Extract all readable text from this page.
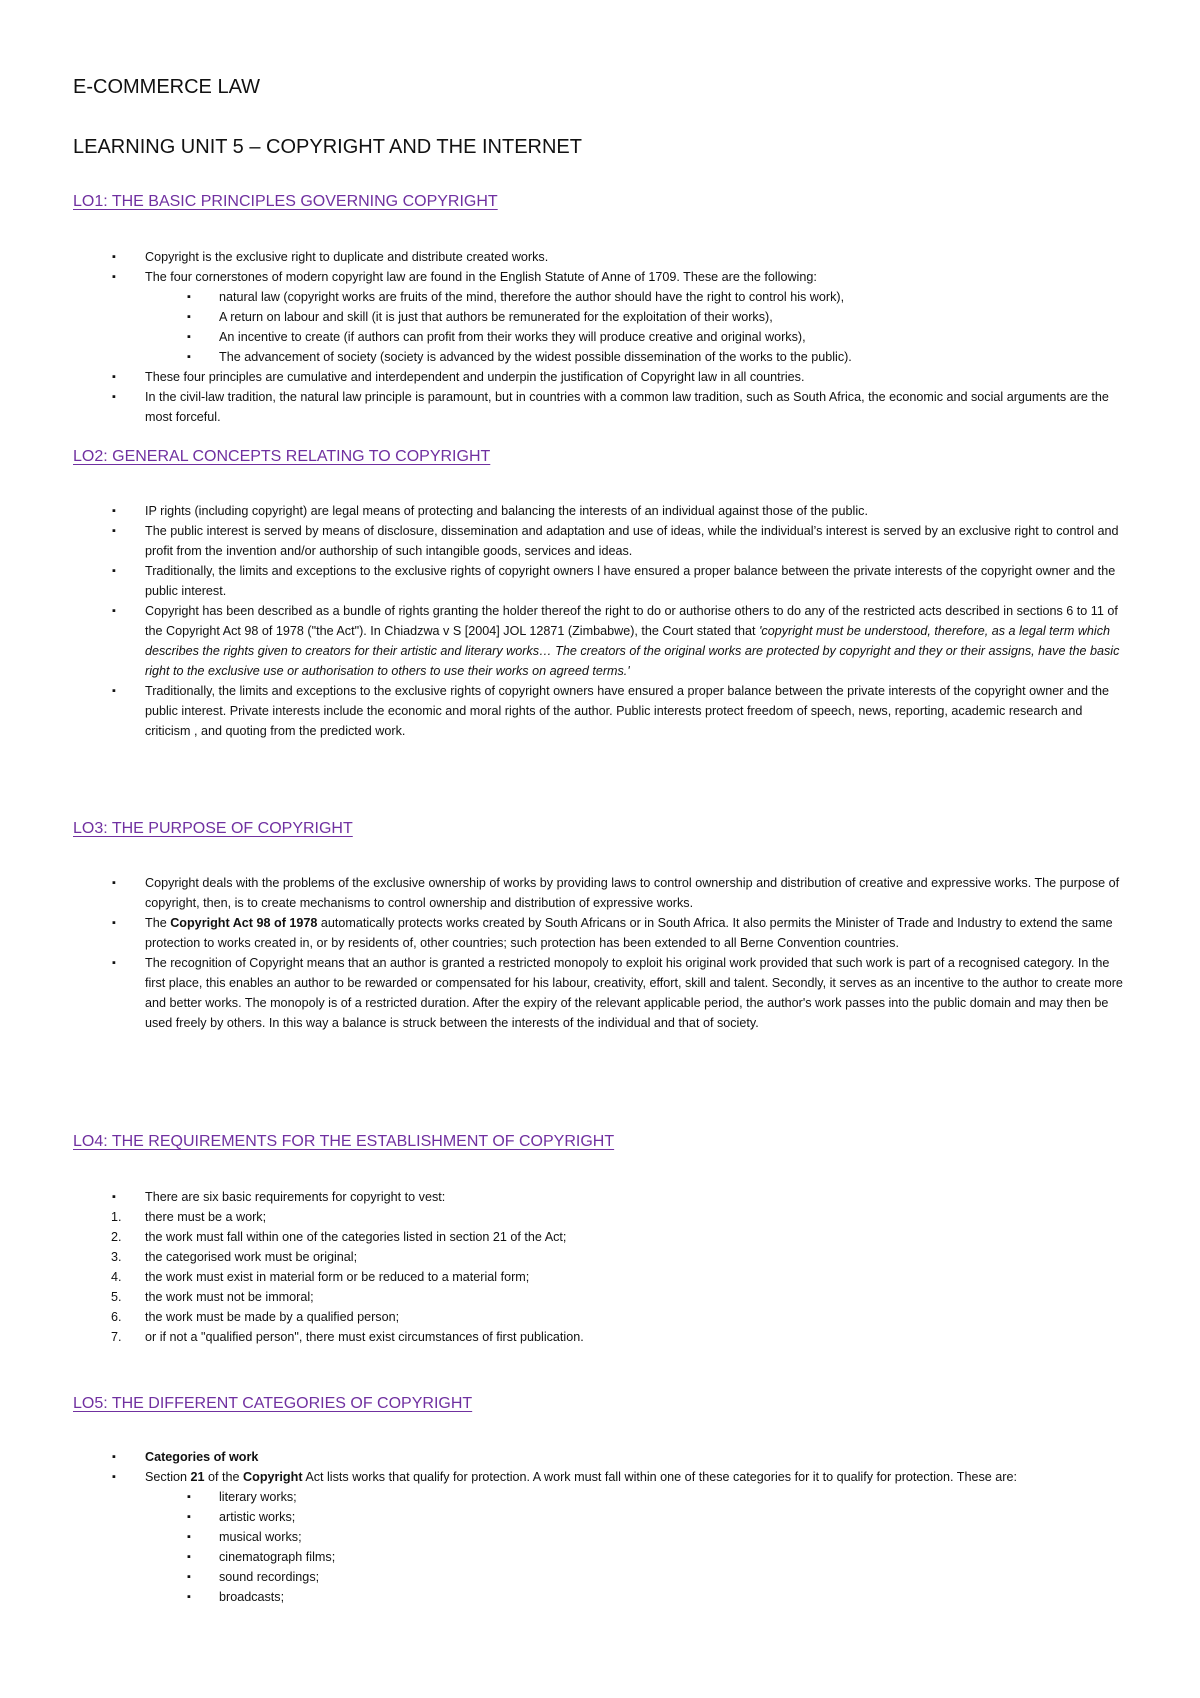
E-COMMERCE LAW
LEARNING UNIT 5 – COPYRIGHT AND THE INTERNET
LO1: THE BASIC PRINCIPLES GOVERNING COPYRIGHT
▪ Copyright is the exclusive right to duplicate and distribute created works.
▪ The four cornerstones of modern copyright law are found in the English Statute of Anne of 1709. These are the following:
▪ natural law (copyright works are fruits of the mind, therefore the author should have the right to control his work),
▪ A return on labour and skill (it is just that authors be remunerated for the exploitation of their works),
▪ An incentive to create (if authors can profit from their works they will produce creative and original works),
▪ The advancement of society (society is advanced by the widest possible dissemination of the works to the public).
▪ These four principles are cumulative and interdependent and underpin the justification of Copyright law in all countries.
▪ In the civil-law tradition, the natural law principle is paramount, but in countries with a common law tradition, such as South Africa, the economic and social arguments are the most forceful.
LO2: GENERAL CONCEPTS RELATING TO COPYRIGHT
▪ IP rights (including copyright) are legal means of protecting and balancing the interests of an individual against those of the public.
▪ The public interest is served by means of disclosure, dissemination and adaptation and use of ideas, while the individual’s interest is served by an exclusive right to control and profit from the invention and/or authorship of such intangible goods, services and ideas.
▪ Traditionally, the limits and exceptions to the exclusive rights of copyright owners l have ensured a proper balance between the private interests of the copyright owner and the public interest.
▪ Copyright has been described as a bundle of rights granting the holder thereof the right to do or authorise others to do any of the restricted acts described in sections 6 to 11 of the Copyright Act 98 of 1978 ("the Act"). In Chiadzwa v S [2004] JOL 12871 (Zimbabwe), the Court stated that 'copyright must be understood, therefore, as a legal term which describes the rights given to creators for their artistic and literary works… The creators of the original works are protected by copyright and they or their assigns, have the basic right to the exclusive use or authorisation to others to use their works on agreed terms.'
▪ Traditionally, the limits and exceptions to the exclusive rights of copyright owners have ensured a proper balance between the private interests of the copyright owner and the public interest. Private interests include the economic and moral rights of the author. Public interests protect freedom of speech, news, reporting, academic research and criticism , and quoting from the predicted work.
LO3: THE PURPOSE OF COPYRIGHT
▪ Copyright deals with the problems of the exclusive ownership of works by providing laws to control ownership and distribution of creative and expressive works. The purpose of copyright, then, is to create mechanisms to control ownership and distribution of expressive works.
▪ The Copyright Act 98 of 1978 automatically protects works created by South Africans or in South Africa. It also permits the Minister of Trade and Industry to extend the same protection to works created in, or by residents of, other countries; such protection has been extended to all Berne Convention countries.
▪ The recognition of Copyright means that an author is granted a restricted monopoly to exploit his original work provided that such work is part of a recognised category. In the first place, this enables an author to be rewarded or compensated for his labour, creativity, effort, skill and talent. Secondly, it serves as an incentive to the author to create more and better works. The monopoly is of a restricted duration. After the expiry of the relevant applicable period, the author's work passes into the public domain and may then be used freely by others. In this way a balance is struck between the interests of the individual and that of society.
LO4: THE REQUIREMENTS FOR THE ESTABLISHMENT OF COPYRIGHT
▪ There are six basic requirements for copyright to vest:
1. there must be a work;
2. the work must fall within one of the categories listed in section 21 of the Act;
3. the categorised work must be original;
4. the work must exist in material form or be reduced to a material form;
5. the work must not be immoral;
6. the work must be made by a qualified person;
7. or if not a "qualified person", there must exist circumstances of first publication.
LO5: THE DIFFERENT CATEGORIES OF COPYRIGHT
▪ Categories of work
▪ Section 21 of the Copyright Act lists works that qualify for protection. A work must fall within one of these categories for it to qualify for protection. These are:
▪ literary works;
▪ artistic works;
▪ musical works;
▪ cinematograph films;
▪ sound recordings;
▪ broadcasts;
